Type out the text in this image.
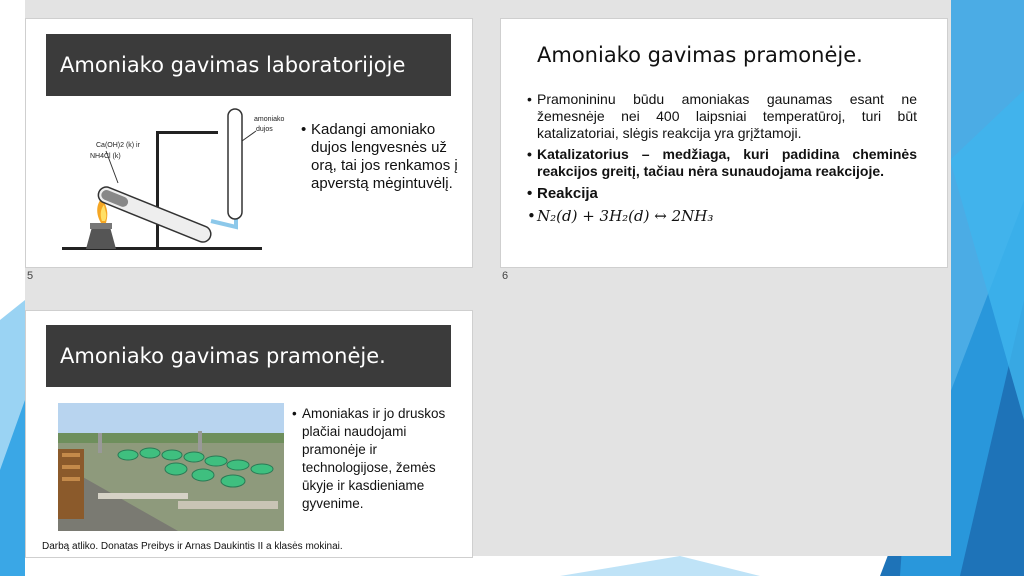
Amoniako gavimas laboratorijoje
Ca(OH)2 (k) ir
NH4Cl (k)
amoniako
dujos
•	Kadangi amoniako dujos lengvesnės už orą, tai jos renkamos į apverstą mėgintuvėlį.
5
Amoniako gavimas pramonėje.
• Pramonininu būdu amoniakas gaunamas esant ne žemesnėje nei 400 laipsniai temperatūroj, turi būt katalizatoriai, slėgis reakcija yra grįžtamoji.
• Katalizatorius – medžiaga, kuri padidina cheminės reakcijos greitį, tačiau nėra sunaudojama reakcijoje.
• Reakcija
• N₂(d) + 3H₂(d) ↔ 2NH₃
6
Amoniako gavimas pramonėje.
• Amoniakas ir jo druskos plačiai naudojami pramonėje ir technologijose, žemės ūkyje ir kasdieniame gyvenime.
Darbą atliko. Donatas Preibys ir Arnas Daukintis II a klasės mokinai.
